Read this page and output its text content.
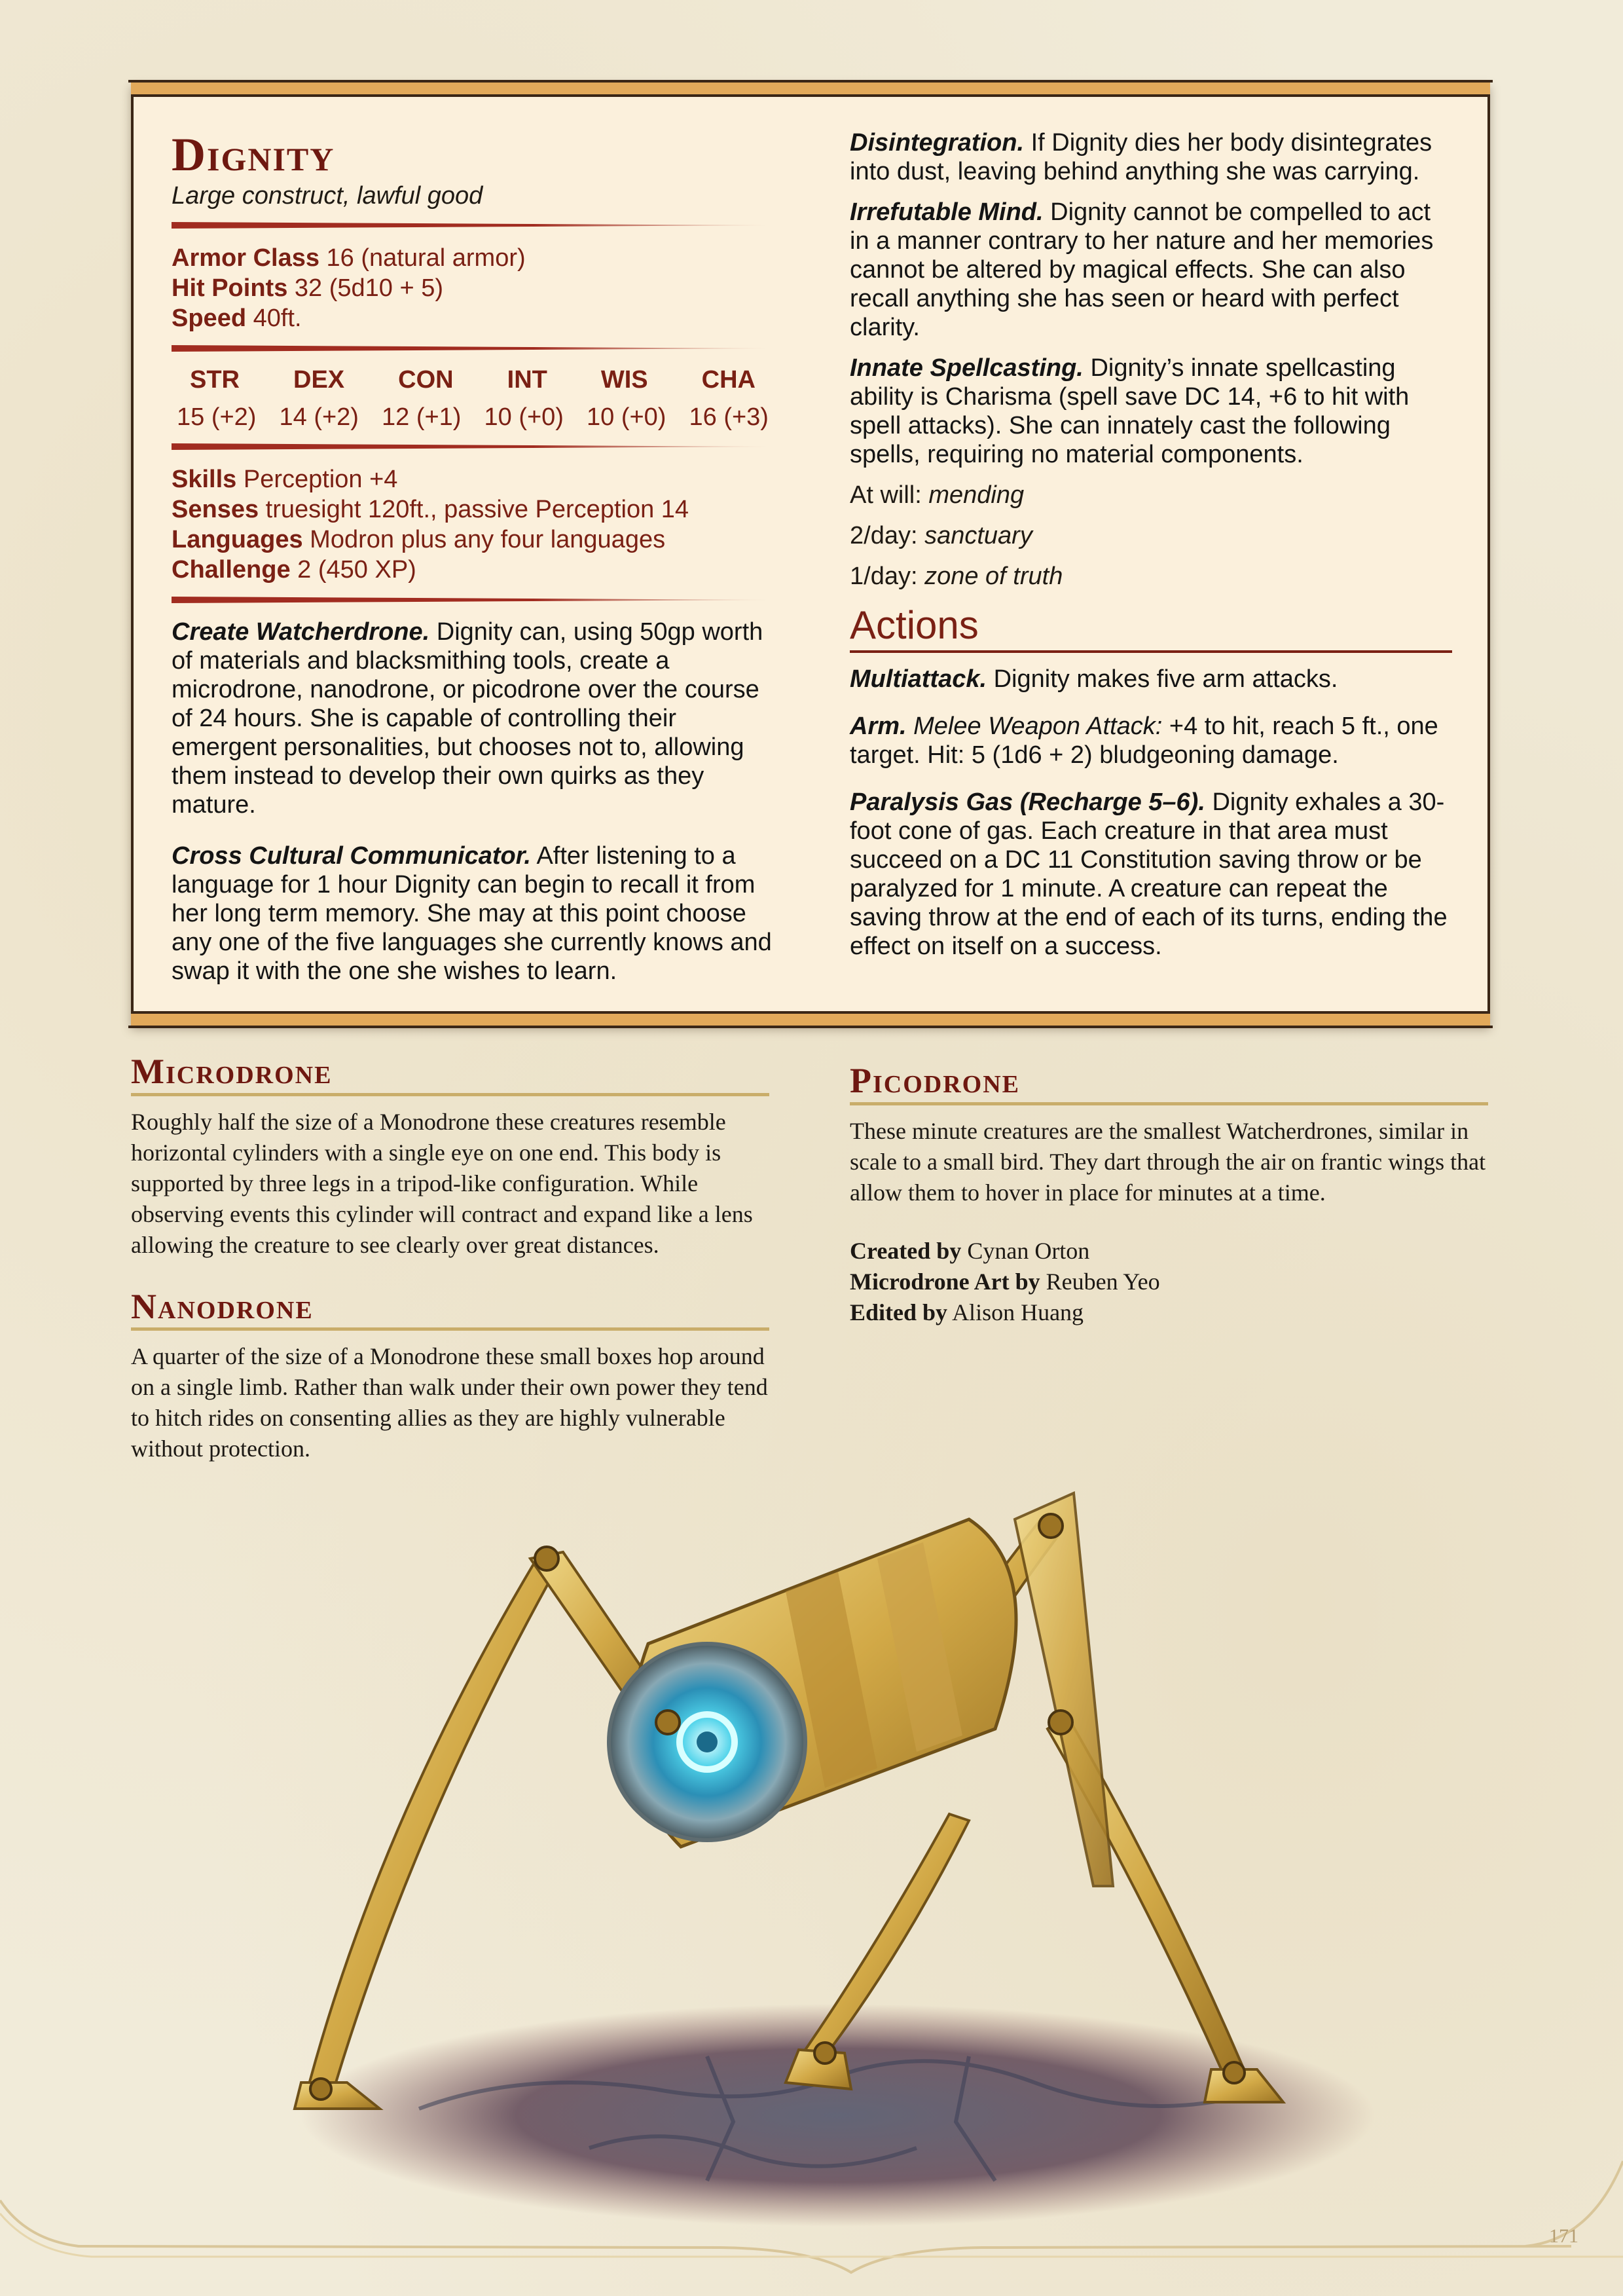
Dignity
Large construct, lawful good
Armor Class 16 (natural armor)
Hit Points 32 (5d10 + 5)
Speed 40ft.
STR DEX CON INT WIS CHA
15 (+2) 14 (+2) 12 (+1) 10 (+0) 10 (+0) 16 (+3)
Skills Perception +4
Senses truesight 120ft., passive Perception 14
Languages Modron plus any four languages
Challenge 2 (450 XP)

Create Watcherdrone. Dignity can, using 50gp worth of materials and blacksmithing tools, create a microdrone, nanodrone, or picodrone over the course of 24 hours. She is capable of controlling their emergent personalities, but chooses not to, allowing them instead to develop their own quirks as they mature.

Cross Cultural Communicator. After listening to a language for 1 hour Dignity can begin to recall it from her long term memory. She may at this point choose any one of the five languages she currently knows and swap it with the one she wishes to learn.

Disintegration. If Dignity dies her body disintegrates into dust, leaving behind anything she was carrying.

Irrefutable Mind. Dignity cannot be compelled to act in a manner contrary to her nature and her memories cannot be altered by magical effects. She can also recall anything she has seen or heard with perfect clarity.

Innate Spellcasting. Dignity’s innate spellcasting ability is Charisma (spell save DC 14, +6 to hit with spell attacks). She can innately cast the following spells, requiring no material components.

At will: mending

2/day: sanctuary

1/day: zone of truth

Actions

Multiattack. Dignity makes five arm attacks.

Arm. Melee Weapon Attack: +4 to hit, reach 5 ft., one target. Hit: 5 (1d6 + 2) bludgeoning damage.

Paralysis Gas (Recharge 5–6). Dignity exhales a 30-foot cone of gas. Each creature in that area must succeed on a DC 11 Constitution saving throw or be paralyzed for 1 minute. A creature can repeat the saving throw at the end of each of its turns, ending the effect on itself on a success.

Microdrone

Roughly half the size of a Monodrone these creatures resemble horizontal cylinders with a single eye on one end. This body is supported by three legs in a tripod-like configuration. While observing events this cylinder will contract and expand like a lens allowing the creature to see clearly over great distances.

Nanodrone

A quarter of the size of a Monodrone these small boxes hop around on a single limb. Rather than walk under their own power they tend to hitch rides on consenting allies as they are highly vulnerable without protection.

Picodrone

These minute creatures are the smallest Watcherdrones, similar in scale to a small bird. They dart through the air on frantic wings that allow them to hover in place for minutes at a time.

Created by Cynan Orton
Microdrone Art by Reuben Yeo
Edited by Alison Huang
171
